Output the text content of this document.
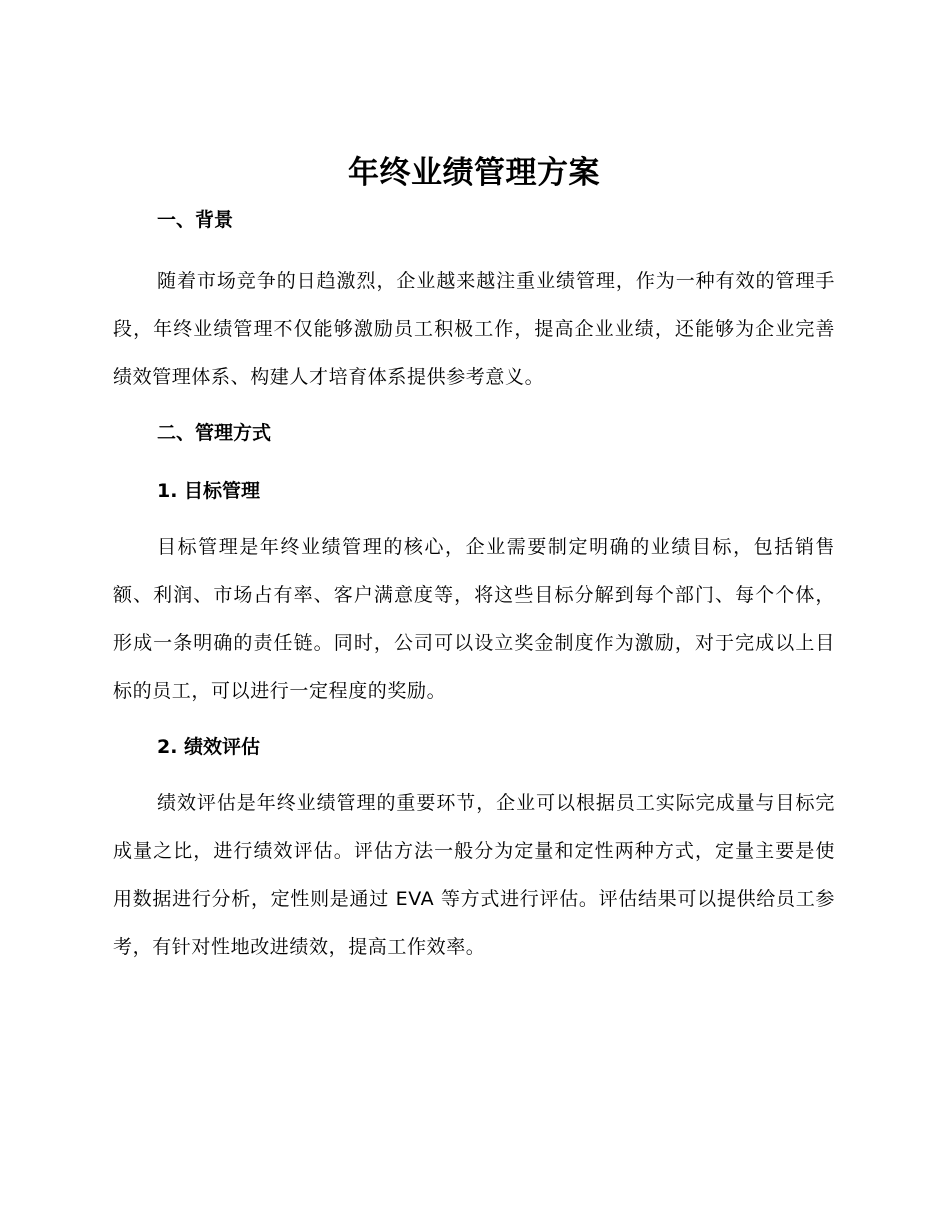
年终业绩管理方案
一、背景

随着市场竞争的日趋激烈，企业越来越注重业绩管理，作为一种有效的管理手段，年终业绩管理不仅能够激励员工积极工作，提高企业业绩，还能够为企业完善绩效管理体系、构建人才培育体系提供参考意义。

二、管理方式
1. 目标管理

目标管理是年终业绩管理的核心，企业需要制定明确的业绩目标，包括销售额、利润、市场占有率、客户满意度等，将这些目标分解到每个部门、每个个体，形成一条明确的责任链。同时，公司可以设立奖金制度作为激励，对于完成以上目标的员工，可以进行一定程度的奖励。

2. 绩效评估

绩效评估是年终业绩管理的重要环节，企业可以根据员工实际完成量与目标完成量之比，进行绩效评估。评估方法一般分为定量和定性两种方式，定量主要是使用数据进行分析，定性则是通过 EVA 等方式进行评估。评估结果可以提供给员工参考，有针对性地改进绩效，提高工作效率。
